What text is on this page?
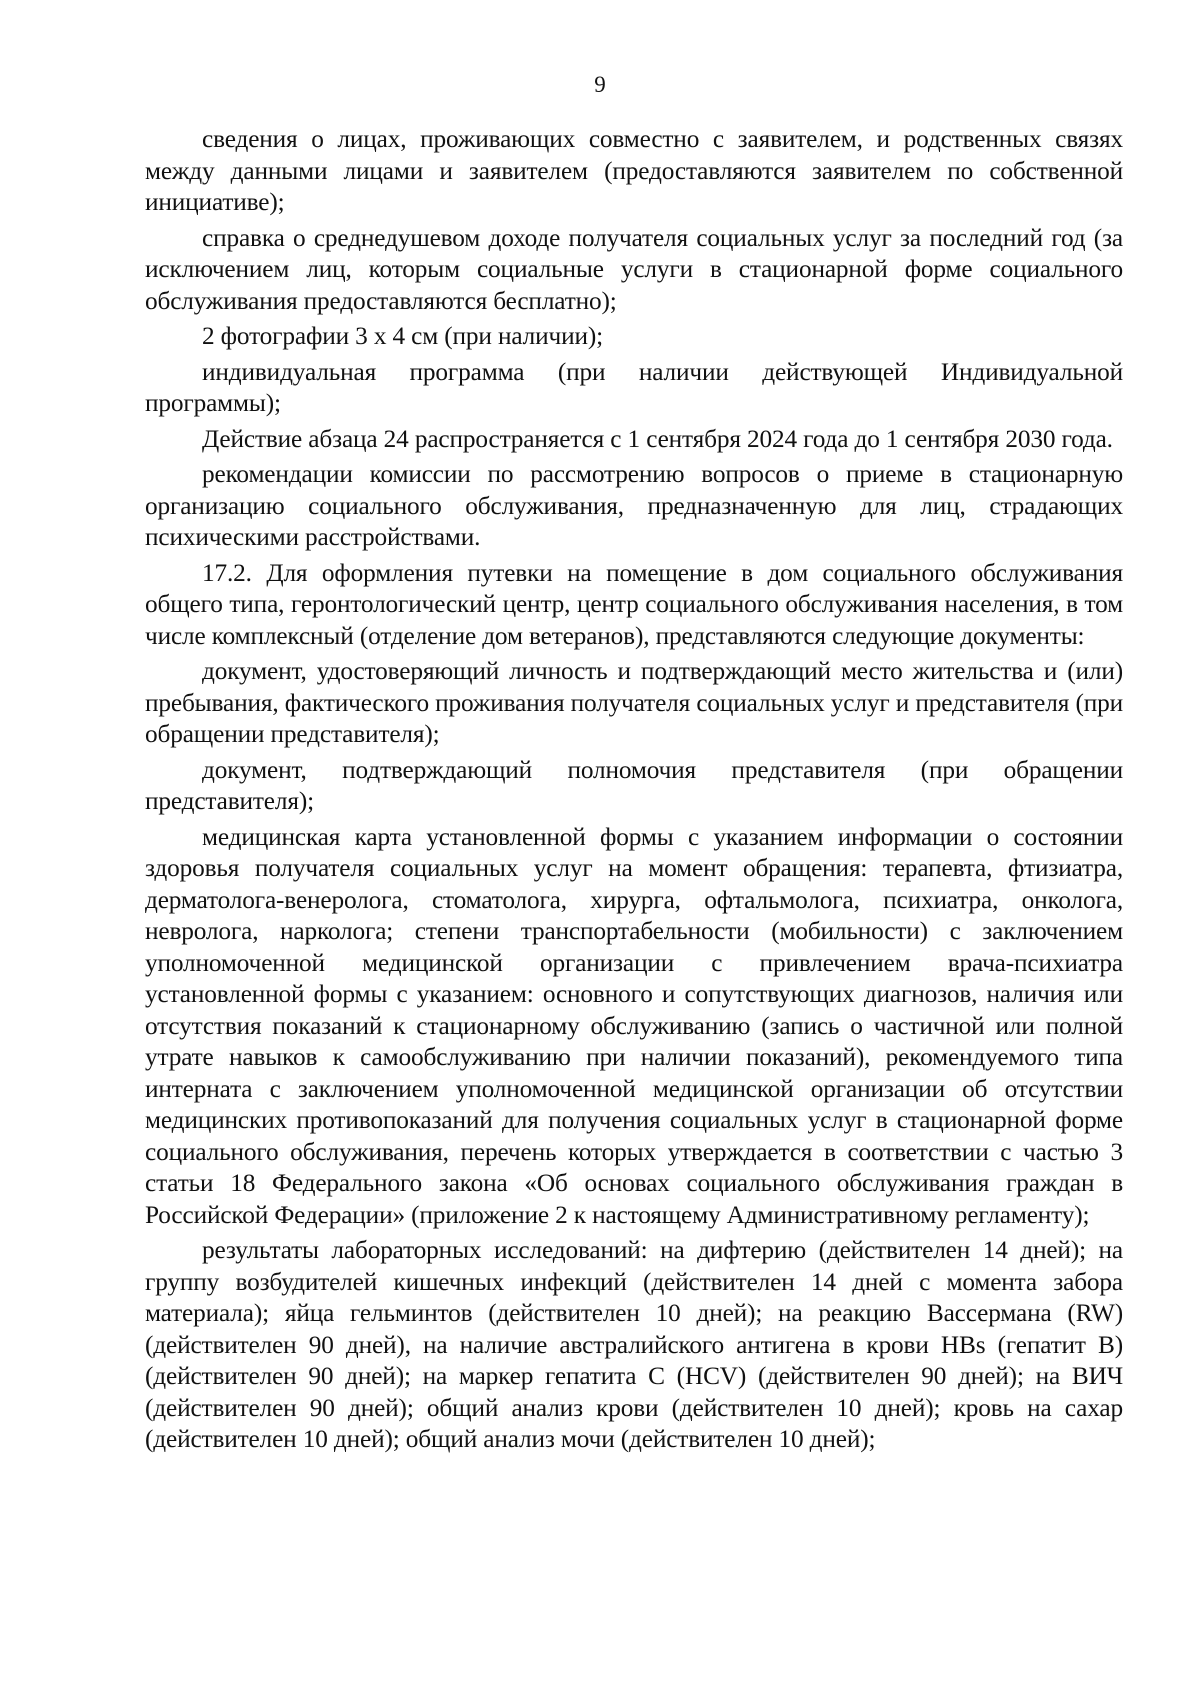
9

сведения о лицах, проживающих совместно с заявителем, и родственных связях между данными лицами и заявителем (предоставляются заявителем по собственной инициативе);

справка о среднедушевом доходе получателя социальных услуг за последний год (за исключением лиц, которым социальные услуги в стационарной форме социального обслуживания предоставляются бесплатно);

2 фотографии 3 х 4 см (при наличии);

индивидуальная программа (при наличии действующей Индивидуальной программы);

Действие абзаца 24 распространяется с 1 сентября 2024 года до 1 сентября 2030 года.

рекомендации комиссии по рассмотрению вопросов о приеме в стационарную организацию социального обслуживания, предназначенную для лиц, страдающих психическими расстройствами.

17.2. Для оформления путевки на помещение в дом социального обслуживания общего типа, геронтологический центр, центр социального обслуживания населения, в том числе комплексный (отделение дом ветеранов), представляются следующие документы:

документ, удостоверяющий личность и подтверждающий место жительства и (или) пребывания, фактического проживания получателя социальных услуг и представителя (при обращении представителя);

документ, подтверждающий полномочия представителя (при обращении представителя);

медицинская карта установленной формы с указанием информации о состоянии здоровья получателя социальных услуг на момент обращения: терапевта, фтизиатра, дерматолога-венеролога, стоматолога, хирурга, офтальмолога, психиатра, онколога, невролога, нарколога; степени транспортабельности (мобильности) с заключением уполномоченной медицинской организации с привлечением врача-психиатра установленной формы с указанием: основного и сопутствующих диагнозов, наличия или отсутствия показаний к стационарному обслуживанию (запись о частичной или полной утрате навыков к самообслуживанию при наличии показаний), рекомендуемого типа интерната с заключением уполномоченной медицинской организации об отсутствии медицинских противопоказаний для получения социальных услуг в стационарной форме социального обслуживания, перечень которых утверждается в соответствии с частью 3 статьи 18 Федерального закона «Об основах социального обслуживания граждан в Российской Федерации» (приложение 2 к настоящему Административному регламенту);

результаты лабораторных исследований: на дифтерию (действителен 14 дней); на группу возбудителей кишечных инфекций (действителен 14 дней с момента забора материала); яйца гельминтов (действителен 10 дней); на реакцию Вассермана (RW) (действителен 90 дней), на наличие австралийского антигена в крови HBs (гепатит B) (действителен 90 дней); на маркер гепатита С (HCV) (действителен 90 дней); на ВИЧ (действителен 90 дней); общий анализ крови (действителен 10 дней); кровь на сахар (действителен 10 дней); общий анализ мочи (действителен 10 дней);
